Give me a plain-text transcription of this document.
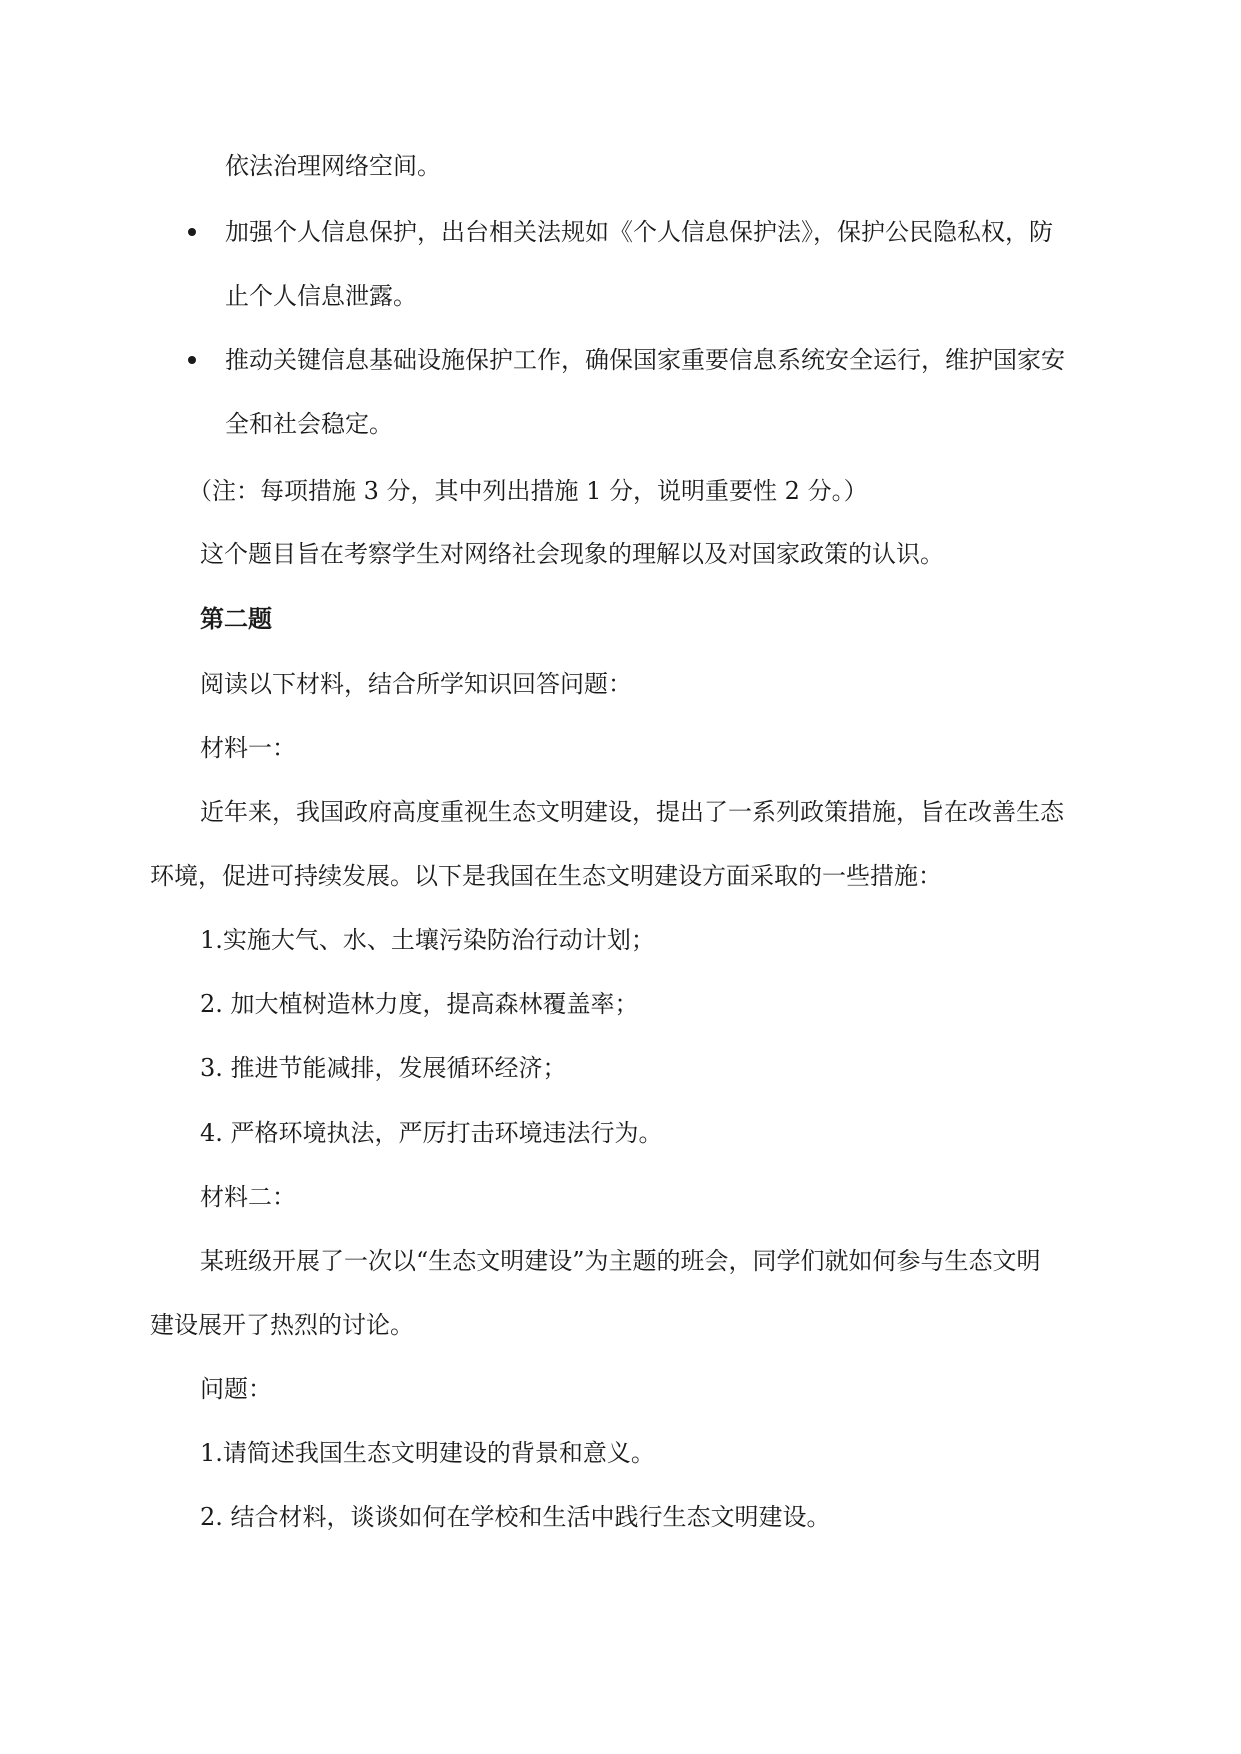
依法治理网络空间。
加强个人信息保护，出台相关法规如《个人信息保护法》，保护公民隐私权，防
止个人信息泄露。
推动关键信息基础设施保护工作，确保国家重要信息系统安全运行，维护国家安
全和社会稳定。
（注：每项措施 3 分，其中列出措施 1 分，说明重要性 2 分。）
这个题目旨在考察学生对网络社会现象的理解以及对国家政策的认识。
第二题
阅读以下材料，结合所学知识回答问题：
材料一：
近年来，我国政府高度重视生态文明建设，提出了一系列政策措施，旨在改善生态
环境，促进可持续发展。以下是我国在生态文明建设方面采取的一些措施：
1.实施大气、水、土壤污染防治行动计划；
2. 加大植树造林力度，提高森林覆盖率；
3. 推进节能减排，发展循环经济；
4. 严格环境执法，严厉打击环境违法行为。
材料二：
某班级开展了一次以“生态文明建设”为主题的班会，同学们就如何参与生态文明
建设展开了热烈的讨论。
问题：
1.请简述我国生态文明建设的背景和意义。
2. 结合材料，谈谈如何在学校和生活中践行生态文明建设。
